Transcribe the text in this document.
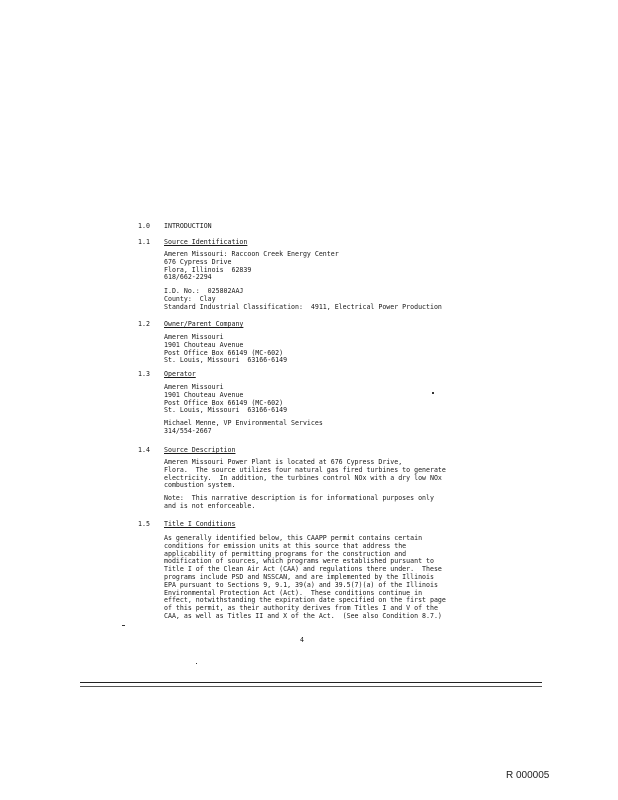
1.0 INTRODUCTION
1.1 Source Identification
Ameren Missouri: Raccoon Creek Energy Center
676 Cypress Drive
Flora, Illinois  62839
618/662-2294
I.D. No.:  025802AAJ
County:  Clay
Standard Industrial Classification:  4911, Electrical Power Production
1.2 Owner/Parent Company
Ameren Missouri
1901 Chouteau Avenue
Post Office Box 66149 (MC-602)
St. Louis, Missouri  63166-6149
1.3 Operator
Ameren Missouri
1901 Chouteau Avenue
Post Office Box 66149 (MC-602)
St. Louis, Missouri  63166-6149
Michael Menne, VP Environmental Services
314/554-2667
1.4 Source Description
Ameren Missouri Power Plant is located at 676 Cypress Drive,
Flora.  The source utilizes four natural gas fired turbines to generate
electricity.  In addition, the turbines control NOx with a dry low NOx
combustion system.
Note:  This narrative description is for informational purposes only
and is not enforceable.
1.5 Title I Conditions
As generally identified below, this CAAPP permit contains certain
conditions for emission units at this source that address the
applicability of permitting programs for the construction and
modification of sources, which programs were established pursuant to
Title I of the Clean Air Act (CAA) and regulations there under.  These
programs include PSD and NSSCAN, and are implemented by the Illinois
EPA pursuant to Sections 9, 9.1, 39(a) and 39.5(7)(a) of the Illinois
Environmental Protection Act (Act).  These conditions continue in
effect, notwithstanding the expiration date specified on the first page
of this permit, as their authority derives from Titles I and V of the
CAA, as well as Titles II and X of the Act.  (See also Condition 8.7.)
4
R 000005
